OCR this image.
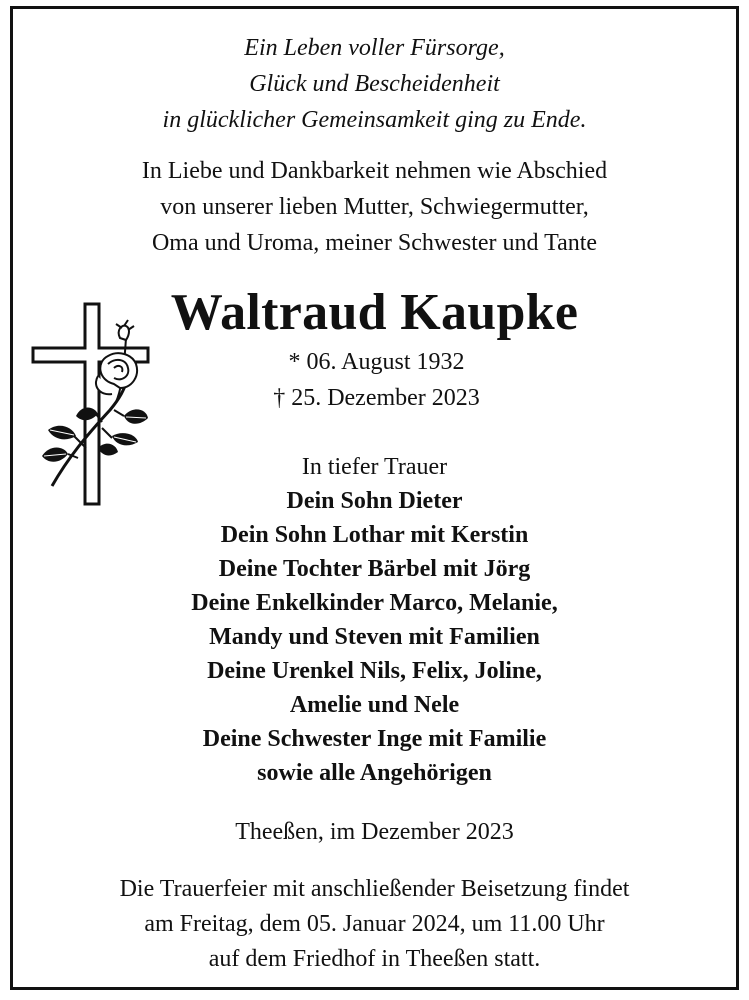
Ein Leben voller Fürsorge,
Glück und Bescheidenheit
in glücklicher Gemeinsamkeit ging zu Ende.
In Liebe und Dankbarkeit nehmen wie Abschied
von unserer lieben Mutter, Schwiegermutter,
Oma und Uroma, meiner Schwester und Tante
Waltraud Kaupke
* 06. August 1932
† 25. Dezember 2023
In tiefer Trauer
Dein Sohn Dieter
Dein Sohn Lothar mit Kerstin
Deine Tochter Bärbel mit Jörg
Deine Enkelkinder Marco, Melanie,
Mandy und Steven mit Familien
Deine Urenkel Nils, Felix, Joline,
Amelie und Nele
Deine Schwester Inge mit Familie
sowie alle Angehörigen
Theeßen, im Dezember 2023
Die Trauerfeier mit anschließender Beisetzung findet
am Freitag, dem 05. Januar 2024, um 11.00 Uhr
auf dem Friedhof in Theeßen statt.
